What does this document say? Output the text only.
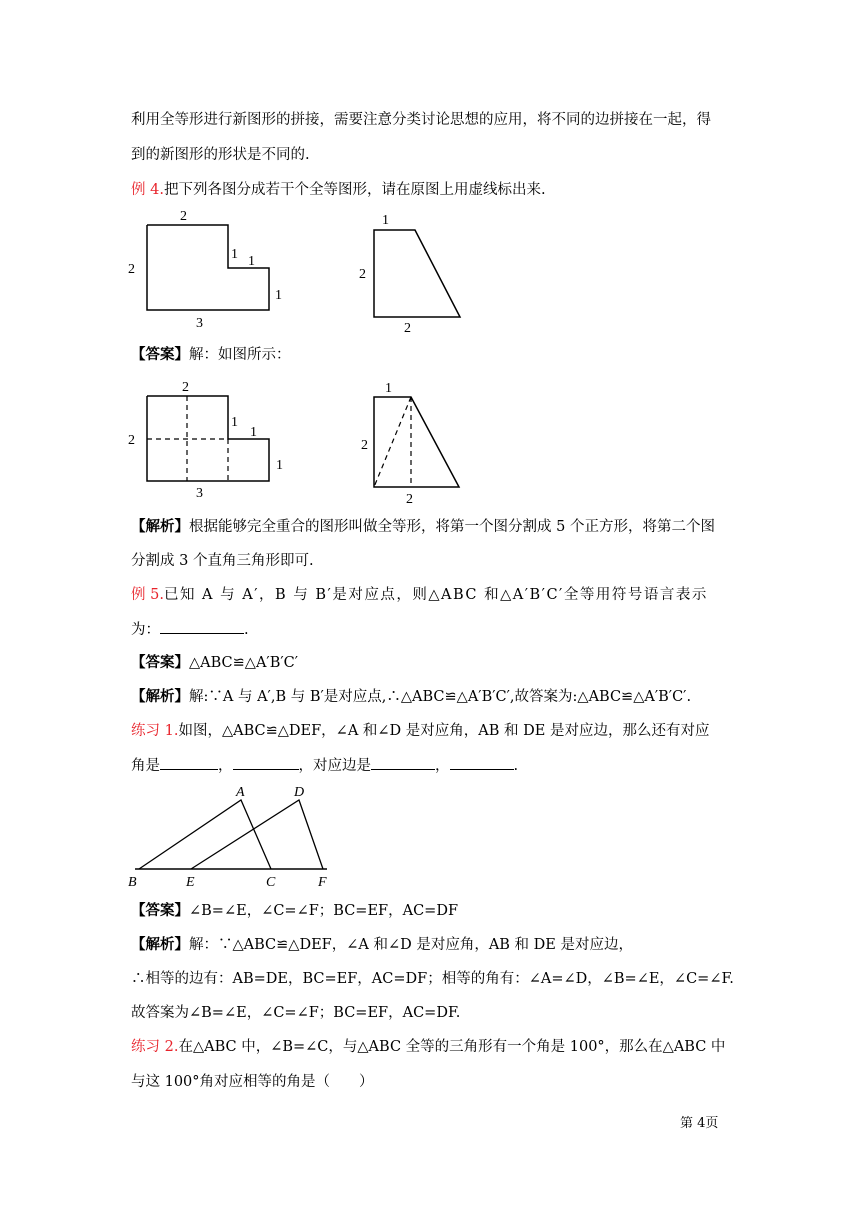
利用全等形进行新图形的拼接，需要注意分类讨论思想的应用，将不同的边拼接在一起，得
到的新图形的形状是不同的.
例 4.把下列各图分成若干个全等图形，请在原图上用虚线标出来.
2
2
1 1
1
3
1
2
2
【答案】解：如图所示：
2
2
1
1
1
3
1
2
2
【解析】根据能够完全重合的图形叫做全等形，将第一个图分割成 5 个正方形，将第二个图
分割成 3 个直角三角形即可.
例 5.已知 A 与 A′，B 与 B′是对应点，则△ABC 和△A′B′C′全等用符号语言表示
为：	.
【答案】△ABC≌△A′B′C′
【解析】解:∵A 与 A′,B 与 B′是对应点,∴△ABC≌△A′B′C′,故答案为:△ABC≌△A′B′C′.
练习 1.如图，△ABC≌△DEF，∠A 和∠D 是对应角，AB 和 DE 是对应边，那么还有对应
角是	，	，对应边是	，	.
A	D
B	E	C	F
【答案】∠B=∠E，∠C=∠F；BC=EF，AC=DF
【解析】解：∵△ABC≌△DEF，∠A 和∠D 是对应角，AB 和 DE 是对应边，
∴相等的边有：AB=DE，BC=EF，AC=DF；相等的角有：∠A=∠D，∠B=∠E，∠C=∠F.
故答案为∠B=∠E，∠C=∠F；BC=EF，AC=DF.
练习 2.在△ABC 中，∠B=∠C，与△ABC 全等的三角形有一个角是 100°，那么在△ABC 中
与这 100°角对应相等的角是（　　）
第 4页
